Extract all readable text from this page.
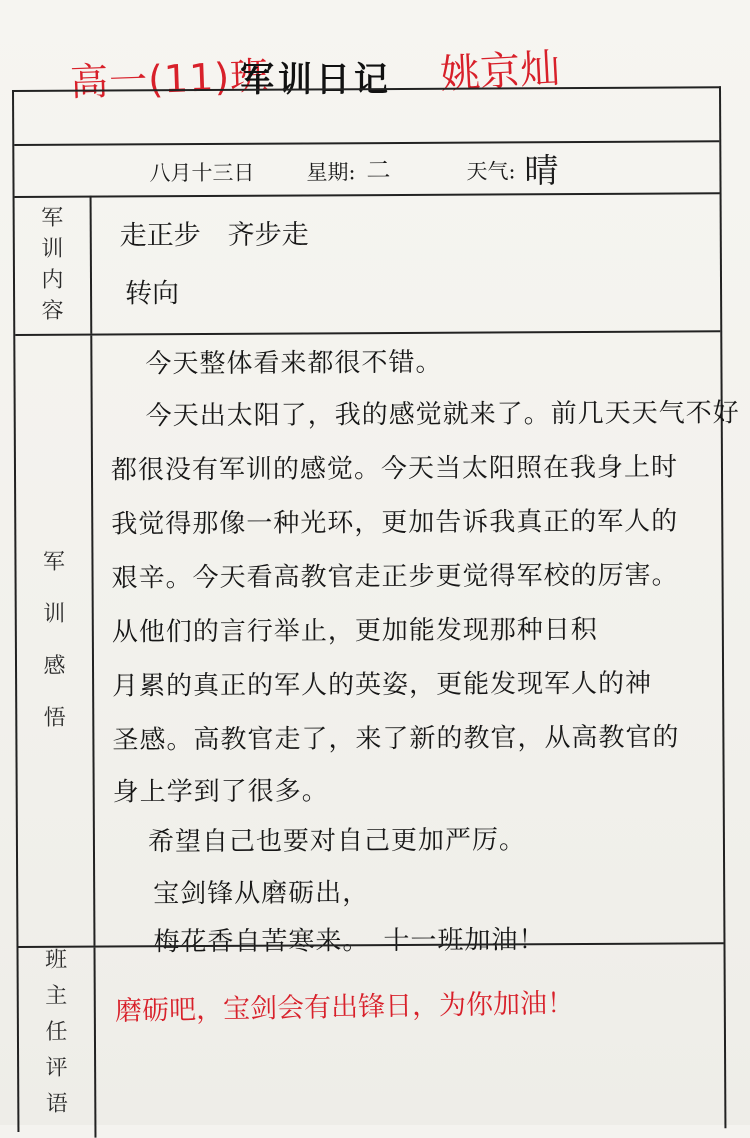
高一(11)班
军训日记 姚京灿
八月十三日 星期: 二	天气: 晴
军训内容
走正步　齐步走
转向
军训感悟
今天整体看来都很不错。
今天出太阳了，我的感觉就来了。前几天天气不好
都很没有军训的感觉。今天当太阳照在我身上时
我觉得那像一种光环，更加告诉我真正的军人的
艰辛。今天看高教官走正步更觉得军校的厉害。
从他们的言行举止，更加能发现那种日积
月累的真正的军人的英姿，更能发现军人的神
圣感。高教官走了，来了新的教官，从高教官的
身上学到了很多。
希望自己也要对自己更加严厉。
宝剑锋从磨砺出，
梅花香自苦寒来。　十一班加油！
班主任评语
磨砺吧，宝剑会有出锋日，为你加油！
